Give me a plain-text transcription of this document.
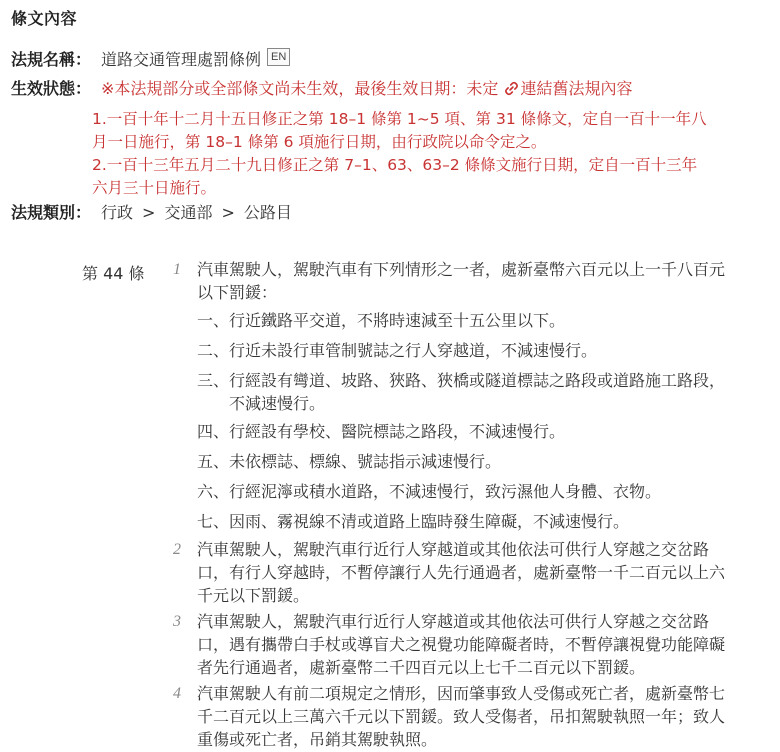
條文內容
法規名稱： 道路交通管理處罰條例 EN
生效狀態： ※本法規部分或全部條文尚未生效，最後生效日期：未定	連結舊法規內容
1.一百十年十二月十五日修正之第 18–1 條第 1~5 項、第 31 條條文，定自一百十一年八
月一日施行，第 18–1 條第 6 項施行日期，由行政院以命令定之。
2.一百十三年五月二十九日修正之第 7–1、63、63–2 條條文施行日期，定自一百十三年
六月三十日施行。
法規類別： 行政 > 交通部 > 公路目
第 44 條 1 汽車駕駛人，駕駛汽車有下列情形之一者，處新臺幣六百元以上一千八百元
以下罰鍰：
一、行近鐵路平交道，不將時速減至十五公里以下。
二、行近未設行車管制號誌之行人穿越道，不減速慢行。
三、行經設有彎道、坡路、狹路、狹橋或隧道標誌之路段或道路施工路段，
不減速慢行。
四、行經設有學校、醫院標誌之路段，不減速慢行。
五、未依標誌、標線、號誌指示減速慢行。
六、行經泥濘或積水道路，不減速慢行，致污濕他人身體、衣物。
七、因雨、霧視線不清或道路上臨時發生障礙，不減速慢行。
2 汽車駕駛人，駕駛汽車行近行人穿越道或其他依法可供行人穿越之交岔路
口，有行人穿越時，不暫停讓行人先行通過者，處新臺幣一千二百元以上六
千元以下罰鍰。
3 汽車駕駛人，駕駛汽車行近行人穿越道或其他依法可供行人穿越之交岔路
口，遇有攜帶白手杖或導盲犬之視覺功能障礙者時，不暫停讓視覺功能障礙
者先行通過者，處新臺幣二千四百元以上七千二百元以下罰鍰。
4 汽車駕駛人有前二項規定之情形，因而肇事致人受傷或死亡者，處新臺幣七
千二百元以上三萬六千元以下罰鍰。致人受傷者，吊扣駕駛執照一年；致人
重傷或死亡者，吊銷其駕駛執照。
